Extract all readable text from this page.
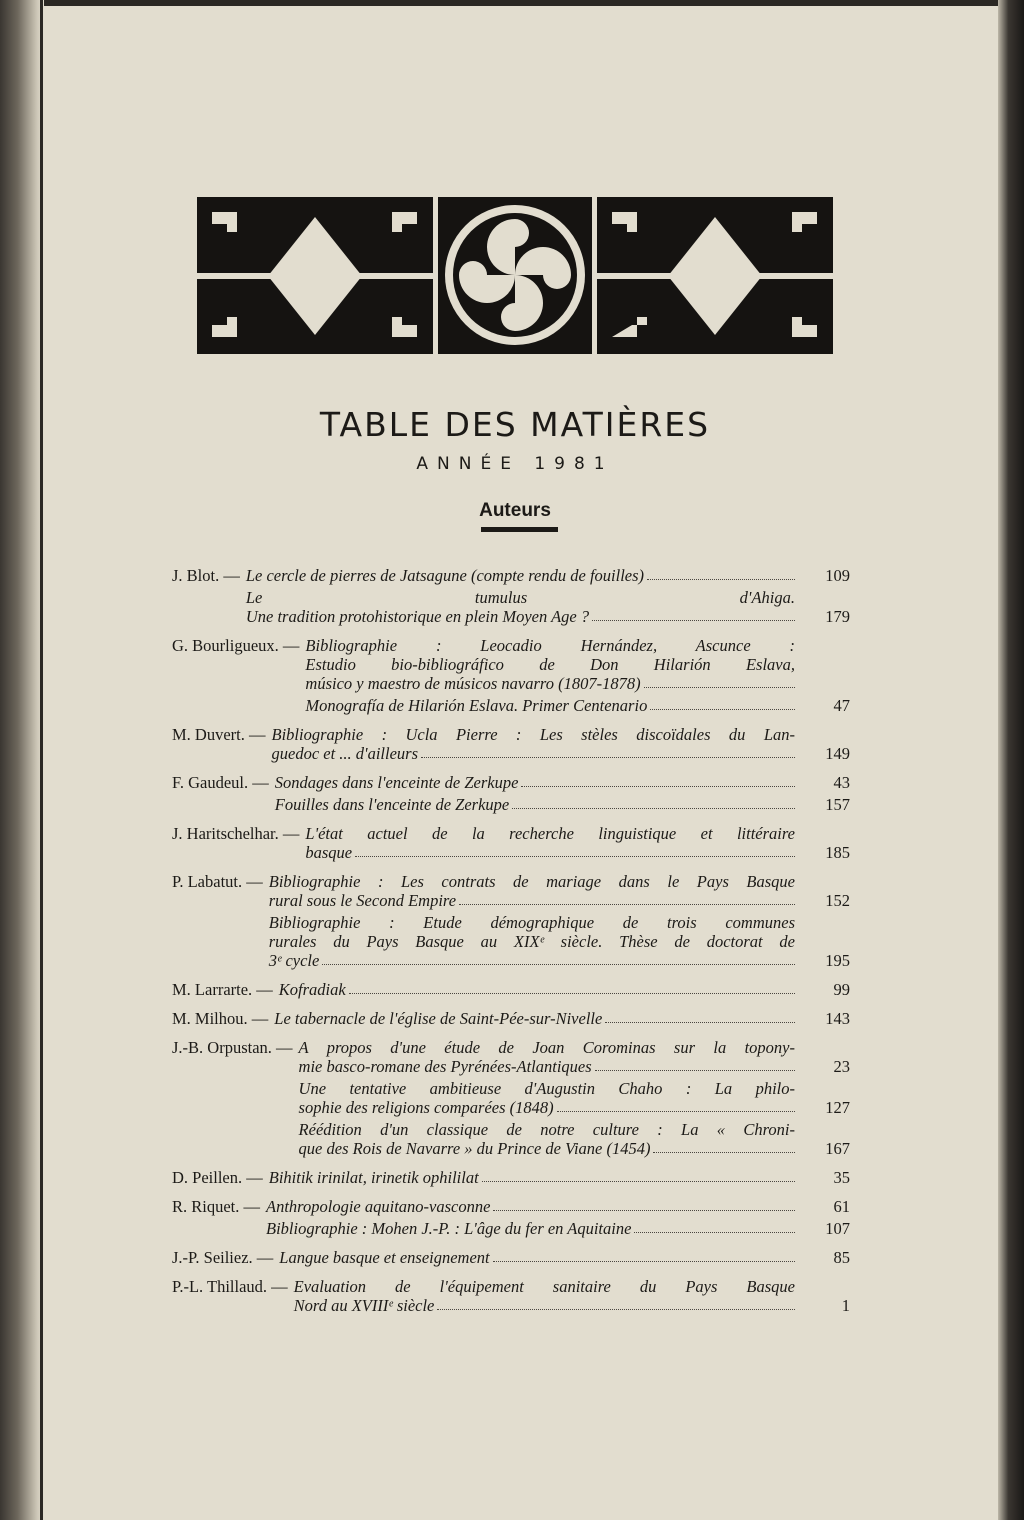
TABLE DES MATIÈRES
ANNÉE 1981
Auteurs
J. Blot. — Le cercle de pierres de Jatsagune (compte rendu de fouilles)	109
Le tumulus d'Ahiga.
Une tradition protohistorique en plein Moyen Age ?	179
G. Bourligueux. — Bibliographie : Leocadio Hernández, Ascunce :
Estudio bio-bibliográfico de Don Hilarión Eslava,
músico y maestro de músicos navarro (1807-1878)
Monografía de Hilarión Eslava. Primer Centenario	47
M. Duvert. — Bibliographie : Ucla Pierre : Les stèles discoïdales du Lan-
guedoc et ... d'ailleurs	149
F. Gaudeul. — Sondages dans l'enceinte de Zerkupe	43
Fouilles dans l'enceinte de Zerkupe	157
J. Haritschelhar. — L'état actuel de la recherche linguistique et littéraire
basque	185
P. Labatut. — Bibliographie : Les contrats de mariage dans le Pays Basque
rural sous le Second Empire	152
Bibliographie : Etude démographique de trois communes
rurales du Pays Basque au XIXᵉ siècle. Thèse de doctorat de
3ᵉ cycle	195
M. Larrarte. — Kofradiak	99
M. Milhou. — Le tabernacle de l'église de Saint-Pée-sur-Nivelle	143
J.-B. Orpustan. — A propos d'une étude de Joan Corominas sur la topony-
mie basco-romane des Pyrénées-Atlantiques	23
Une tentative ambitieuse d'Augustin Chaho : La philo-
sophie des religions comparées (1848)	127
Réédition d'un classique de notre culture : La « Chroni-
que des Rois de Navarre » du Prince de Viane (1454)	167
D. Peillen. — Bihitik irinilat, irinetik ophililat	35
R. Riquet. — Anthropologie aquitano-vasconne	61
Bibliographie : Mohen J.-P. : L'âge du fer en Aquitaine	107
J.-P. Seiliez. — Langue basque et enseignement	85
P.-L. Thillaud. — Evaluation de l'équipement sanitaire du Pays Basque
Nord au XVIIIᵉ siècle	1
